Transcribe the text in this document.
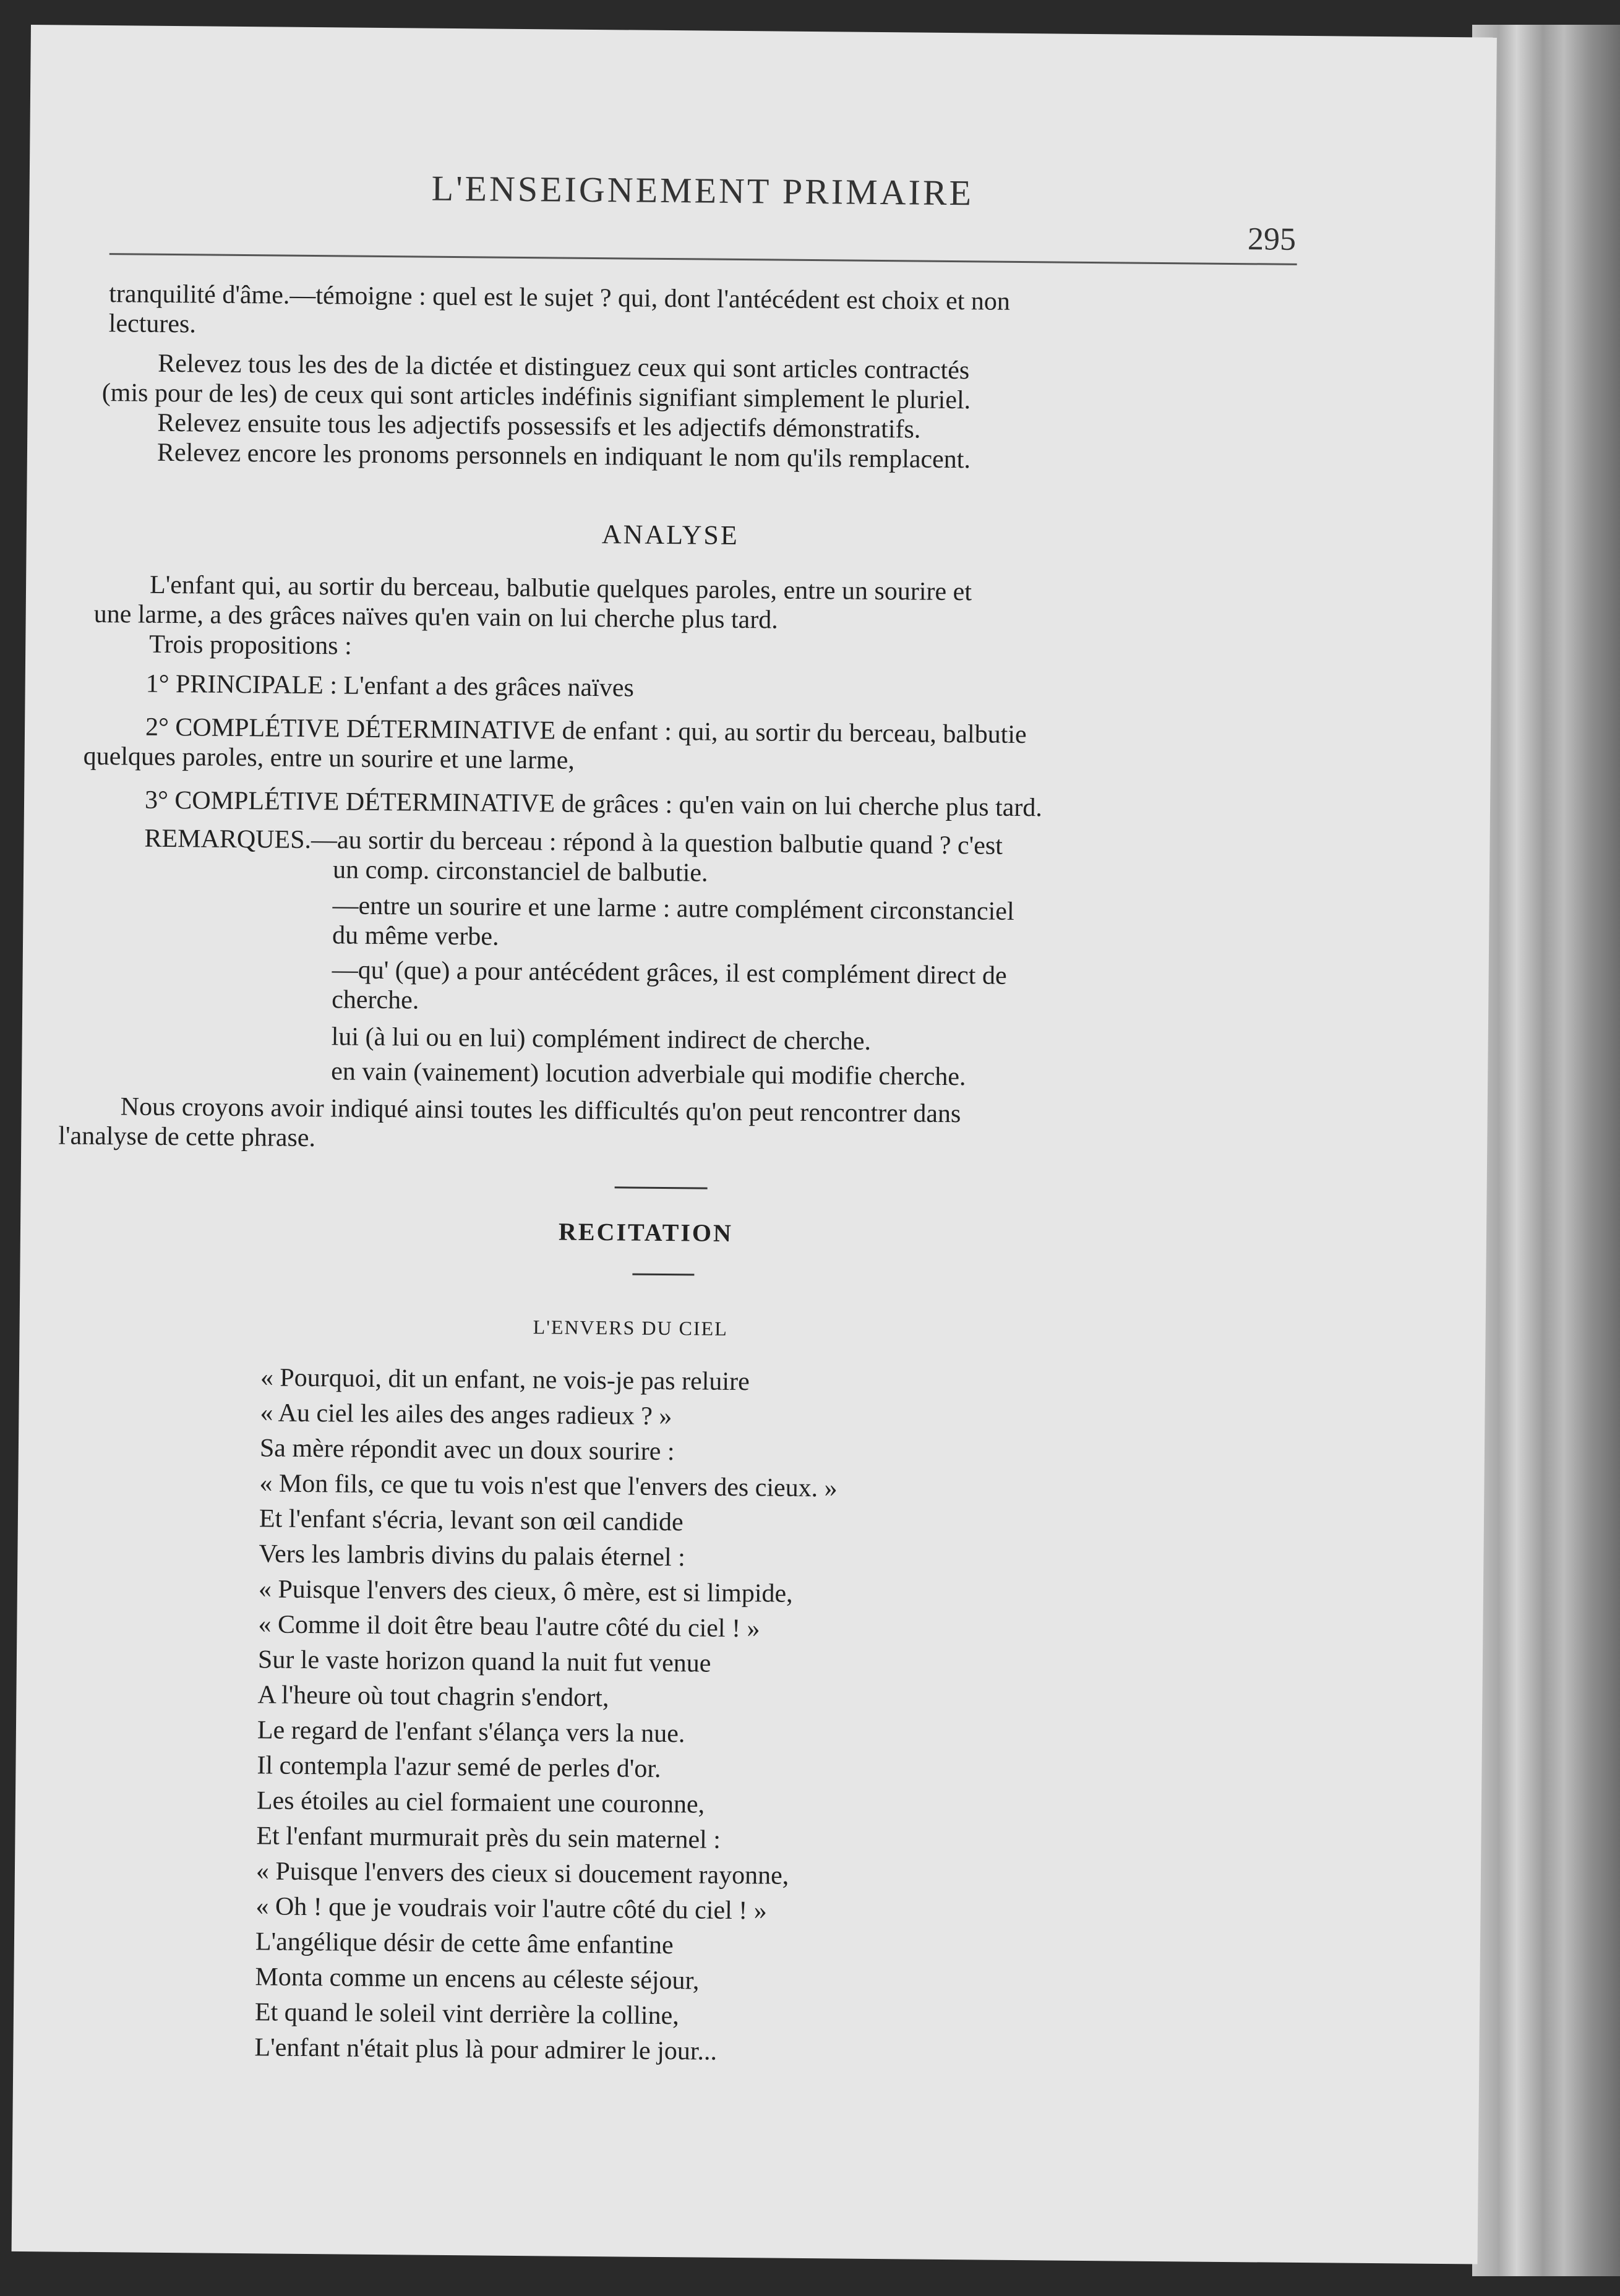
L'ENSEIGNEMENT PRIMAIRE
295
tranquilité d'âme.—témoigne : quel est le sujet ? qui, dont l'antécédent est choix et non
lectures.
Relevez tous les des de la dictée et distinguez ceux qui sont articles contractés
(mis pour de les) de ceux qui sont articles indéfinis signifiant simplement le pluriel.
Relevez ensuite tous les adjectifs possessifs et les adjectifs démonstratifs.
Relevez encore les pronoms personnels en indiquant le nom qu'ils remplacent.
ANALYSE
L'enfant qui, au sortir du berceau, balbutie quelques paroles, entre un sourire et
une larme, a des grâces naïves qu'en vain on lui cherche plus tard.
Trois propositions :
1° PRINCIPALE : L'enfant a des grâces naïves
2° COMPLÉTIVE DÉTERMINATIVE de enfant : qui, au sortir du berceau, balbutie
quelques paroles, entre un sourire et une larme,
3° COMPLÉTIVE DÉTERMINATIVE de grâces : qu'en vain on lui cherche plus tard.
REMARQUES.—au sortir du berceau : répond à la question balbutie quand ? c'est
un comp. circonstanciel de balbutie.
—entre un sourire et une larme : autre complément circonstanciel
du même verbe.
—qu' (que) a pour antécédent grâces, il est complément direct de
cherche.
lui (à lui ou en lui) complément indirect de cherche.
en vain (vainement) locution adverbiale qui modifie cherche.
Nous croyons avoir indiqué ainsi toutes les difficultés qu'on peut rencontrer dans
l'analyse de cette phrase.
RECITATION
L'ENVERS DU CIEL
« Pourquoi, dit un enfant, ne vois-je pas reluire
« Au ciel les ailes des anges radieux ? »
Sa mère répondit avec un doux sourire :
« Mon fils, ce que tu vois n'est que l'envers des cieux. »
Et l'enfant s'écria, levant son œil candide
Vers les lambris divins du palais éternel :
« Puisque l'envers des cieux, ô mère, est si limpide,
« Comme il doit être beau l'autre côté du ciel ! »
Sur le vaste horizon quand la nuit fut venue
A l'heure où tout chagrin s'endort,
Le regard de l'enfant s'élança vers la nue.
Il contempla l'azur semé de perles d'or.
Les étoiles au ciel formaient une couronne,
Et l'enfant murmurait près du sein maternel :
« Puisque l'envers des cieux si doucement rayonne,
« Oh ! que je voudrais voir l'autre côté du ciel ! »
L'angélique désir de cette âme enfantine
Monta comme un encens au céleste séjour,
Et quand le soleil vint derrière la colline,
L'enfant n'était plus là pour admirer le jour...
